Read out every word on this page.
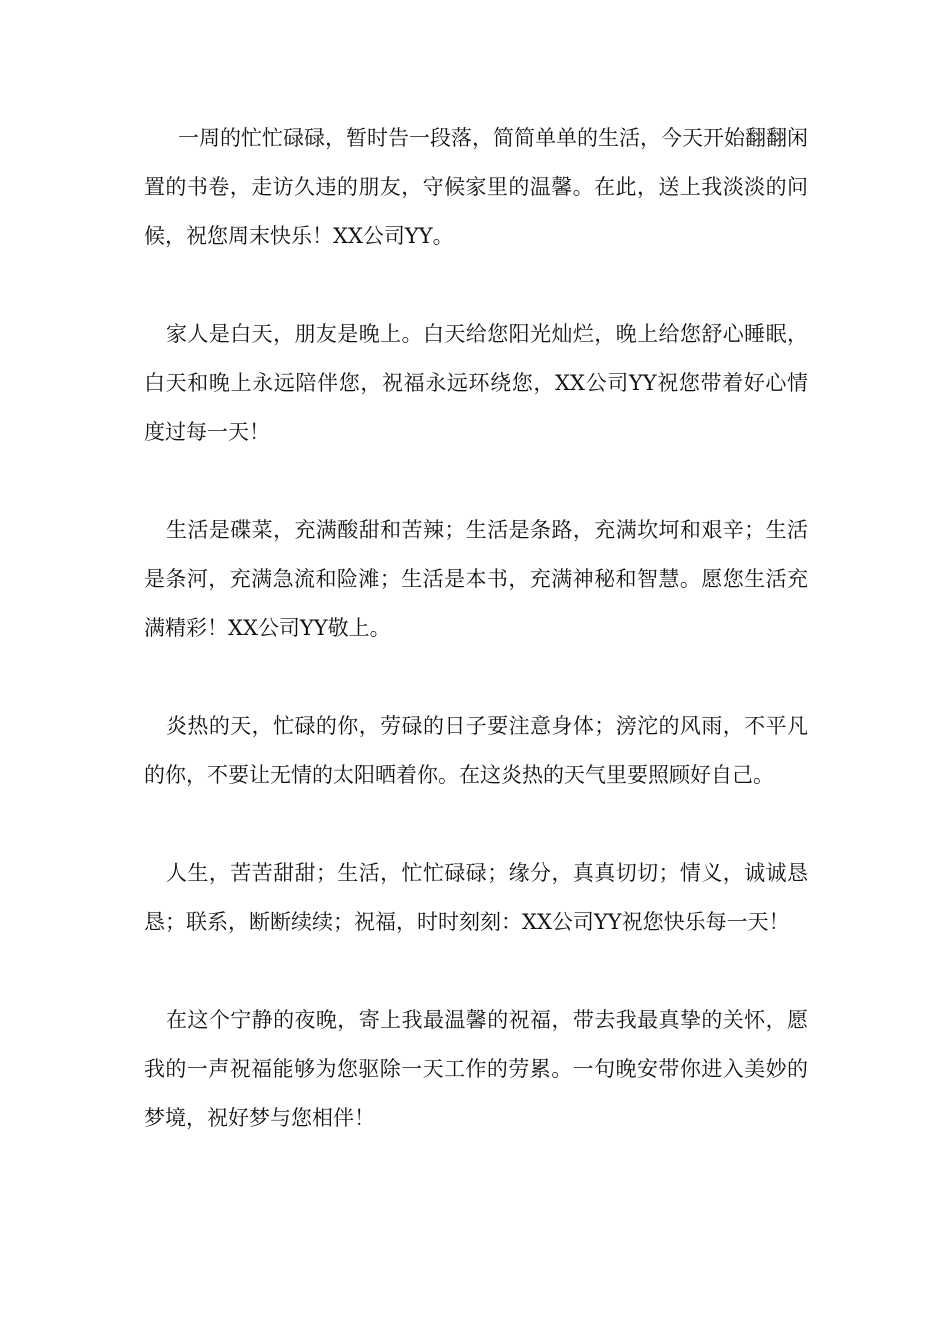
一周的忙忙碌碌，暂时告一段落，简简单单的生活，今天开始翻翻闲置的书卷，走访久违的朋友，守候家里的温馨。在此，送上我淡淡的问候，祝您周末快乐！XX公司YY。

家人是白天，朋友是晚上。白天给您阳光灿烂，晚上给您舒心睡眠，白天和晚上永远陪伴您，祝福永远环绕您，XX公司YY祝您带着好心情度过每一天！

生活是碟菜，充满酸甜和苦辣；生活是条路，充满坎坷和艰辛；生活是条河，充满急流和险滩；生活是本书，充满神秘和智慧。愿您生活充满精彩！XX公司YY敬上。

炎热的天，忙碌的你，劳碌的日子要注意身体；滂沱的风雨，不平凡的你，不要让无情的太阳晒着你。在这炎热的天气里要照顾好自己。

人生，苦苦甜甜；生活，忙忙碌碌；缘分，真真切切；情义，诚诚恳恳；联系，断断续续；祝福，时时刻刻：XX公司YY祝您快乐每一天！

在这个宁静的夜晚，寄上我最温馨的祝福，带去我最真挚的关怀，愿我的一声祝福能够为您驱除一天工作的劳累。一句晚安带你进入美妙的梦境，祝好梦与您相伴！
